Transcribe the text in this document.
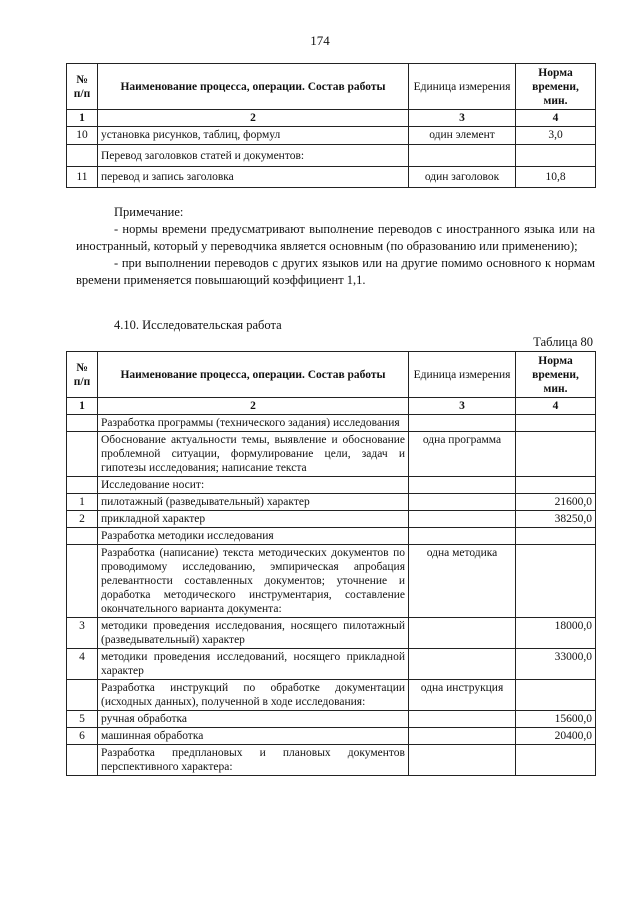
174
№ п/п	Наименование процесса, операции. Состав работы	Единица измерения	Норма времени, мин.
1	2	3	4
10	установка рисунков, таблиц, формул	один элемент	3,0
	Перевод заголовков статей и документов:		
11	перевод и запись заголовка	один заголовок	10,8

Примечание:

- нормы времени предусматривают выполнение переводов с иностранного языка или на иностранный, который у переводчика является основным (по образованию или применению);

- при выполнении переводов с других языков или на другие помимо основного к нормам времени применяется повышающий коэффициент 1,1.

4.10. Исследовательская работа
Таблица 80
№ п/п	Наименование процесса, операции. Состав работы	Единица измерения	Норма времени, мин.
1	2	3	4
	Разработка программы (технического задания) исследования		
	Обоснование актуальности темы, выявление и обоснование проблемной ситуации, формулирование цели, задач и гипотезы исследования; написание текста	одна программа	
	Исследование носит:		
1	пилотажный (разведывательный) характер		21600,0
2	прикладной характер		38250,0
	Разработка методики исследования		
	Разработка (написание) текста методических документов по проводимому исследованию, эмпирическая апробация релевантности составленных документов; уточнение и доработка методического инструментария, составление окончательного варианта документа:	одна методика	
3	методики проведения исследования, носящего пилотажный (разведывательный) характер		18000,0
4	методики проведения исследований, носящего прикладной характер		33000,0
	Разработка инструкций по обработке документации (исходных данных), полученной в ходе исследования:	одна инструкция	
5	ручная обработка		15600,0
6	машинная обработка		20400,0
	Разработка предплановых и плановых документов перспективного характера:		
